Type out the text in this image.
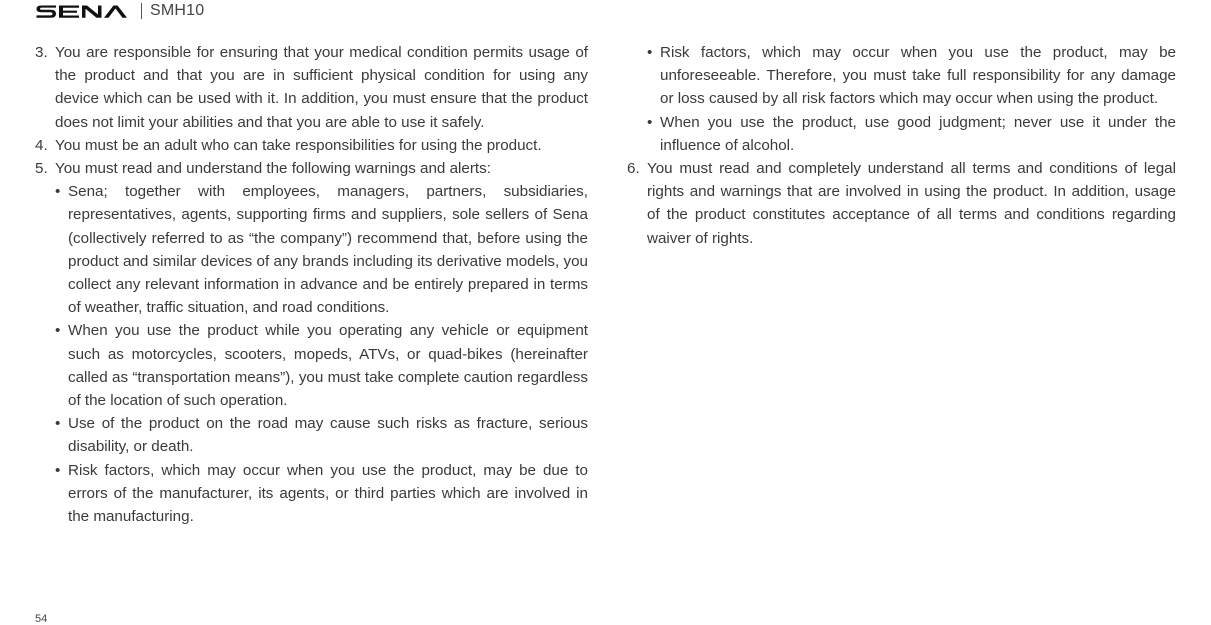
SMH10

3. You are responsible for ensuring that your medical condition permits usage of the product and that you are in sufficient physical condition for using any device which can be used with it. In addition, you must ensure that the product does not limit your abilities and that you are able to use it safely.

4. You must be an adult who can take responsibilities for using the product.

5. You must read and understand the following warnings and alerts:

• Sena; together with employees, managers, partners, subsidiaries, representatives, agents, supporting firms and suppliers, sole sellers of Sena (collectively referred to as “the company”) recommend that, before using the product and similar devices of any brands including its derivative models, you collect any relevant information in advance and be entirely prepared in terms of weather, traffic situation, and road conditions.

• When you use the product while you operating any vehicle or equipment such as motorcycles, scooters, mopeds, ATVs, or quad-bikes (hereinafter called as “transportation means”), you must take complete caution regardless of the location of such operation.

• Use of the product on the road may cause such risks as fracture, serious disability, or death.

• Risk factors, which may occur when you use the product, may be due to errors of the manufacturer, its agents, or third parties which are involved in the manufacturing.

• Risk factors, which may occur when you use the product, may be unforeseeable. Therefore, you must take full responsibility for any damage or loss caused by all risk factors which may occur when using the product.

• When you use the product, use good judgment; never use it under the influence of alcohol.

6. You must read and completely understand all terms and conditions of legal rights and warnings that are involved in using the product. In addition, usage of the product constitutes acceptance of all terms and conditions regarding waiver of rights.

54
